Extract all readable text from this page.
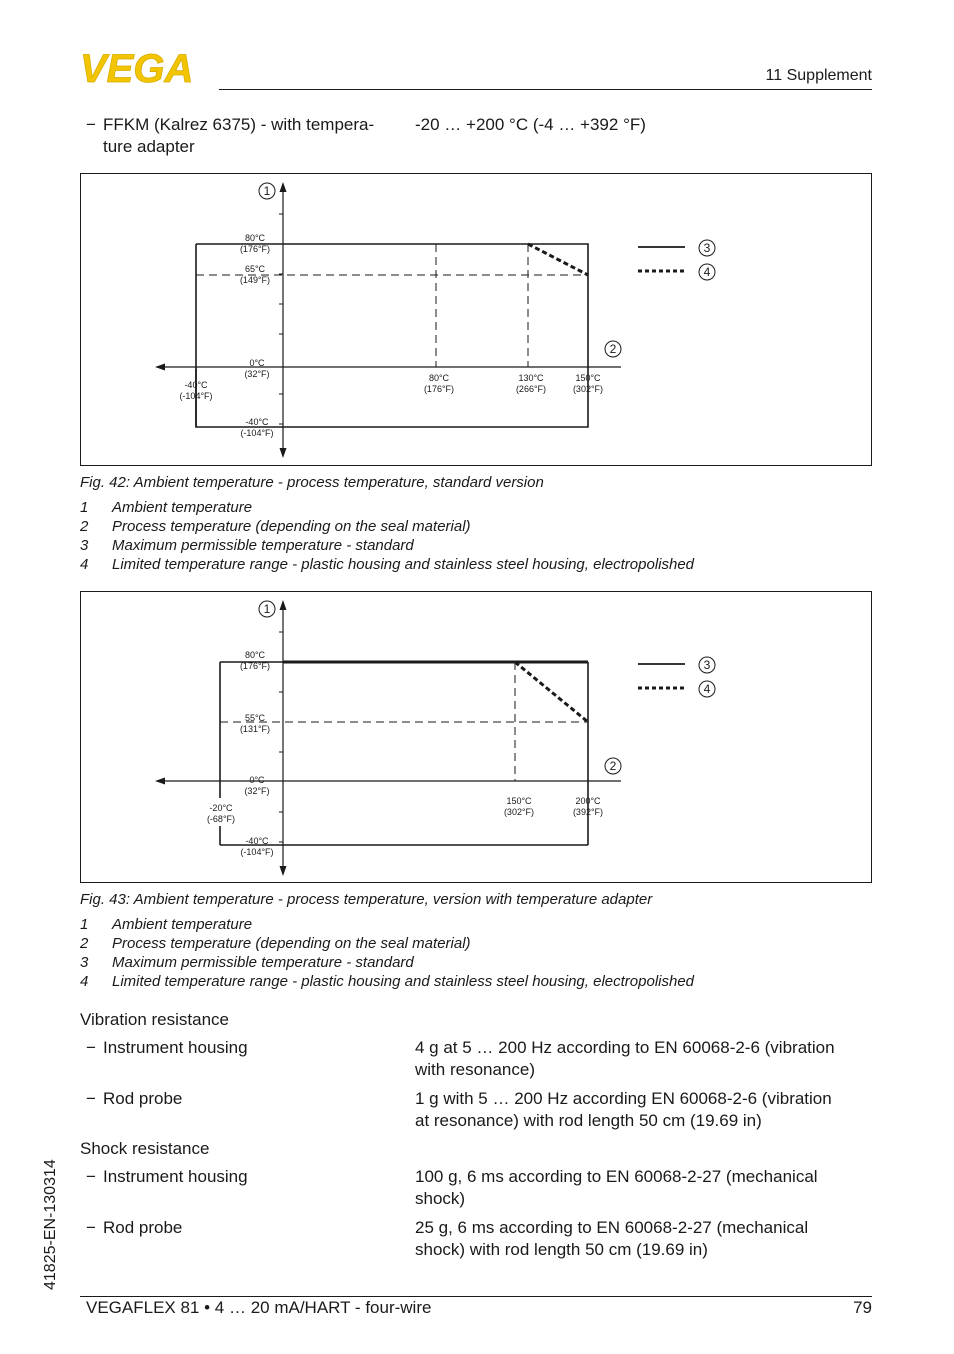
VEGA	11 Supplement
− FFKM (Kalrez 6375) - with tempera-
ture adapter
-20 … +200 °C (-4 … +392 °F)
80°C
(176°F)
65°C
(149°F)
0°C
(32°F)
-40°C
(-104°F)
-40°C
(-104°F)
80°C
(176°F)
130°C
(266°F)
150°C
(302°F)
1
2
3
4
Fig. 42: Ambient temperature - process temperature, standard version
1 Ambient temperature
2 Process temperature (depending on the seal material)
3 Maximum permissible temperature - standard
4 Limited temperature range - plastic housing and stainless steel housing, electropolished
80°C
(176°F)
55°C
(131°F)
0°C
(32°F)
-40°C
(-104°F)
-20°C
(-68°F)
150°C
(302°F)
200°C
(392°F)
1
2
3
4
Fig. 43: Ambient temperature - process temperature, version with temperature adapter
1 Ambient temperature
2 Process temperature (depending on the seal material)
3 Maximum permissible temperature - standard
4 Limited temperature range - plastic housing and stainless steel housing, electropolished
Vibration resistance
− Instrument housing	4 g at 5 … 200 Hz according to EN 60068-2-6 (vibration
with resonance)
− Rod probe	1 g with 5 … 200 Hz according EN 60068-2-6 (vibration
at resonance) with rod length 50 cm (19.69 in)
Shock resistance
− Instrument housing	100 g, 6 ms according to EN 60068-2-27 (mechanical
shock)
− Rod probe	25 g, 6 ms according to EN 60068-2-27 (mechanical
shock) with rod length 50 cm (19.69 in)
41825-EN-130314
VEGAFLEX 81 • 4 … 20 mA/HART - four-wire	79
